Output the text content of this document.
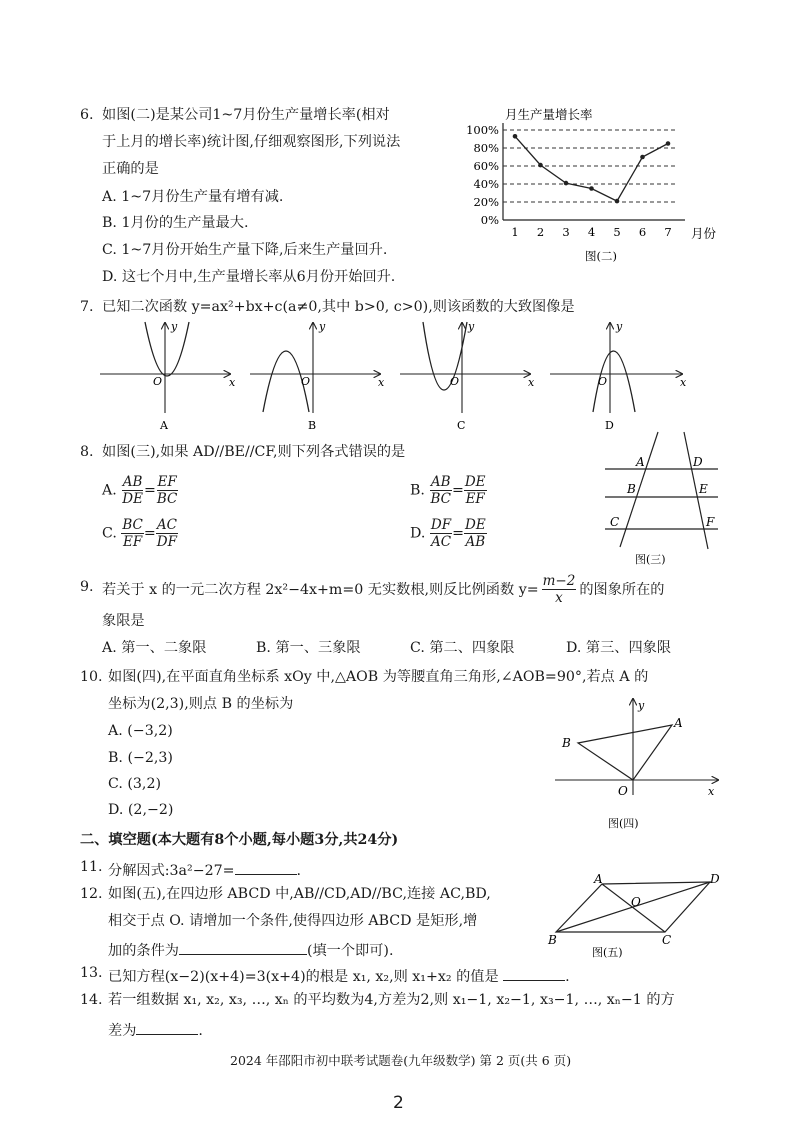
6. 如图(二)是某公司1~7月份生产量增长率(相对
于上月的增长率)统计图,仔细观察图形,下列说法
正确的是
A. 1~7月份生产量有增有减.
B. 1月份的生产量最大.
C. 1~7月份开始生产量下降,后来生产量回升.
D. 这七个月中,生产量增长率从6月份开始回升.
月生产量增长率
0%
20%
40%
60%
80%
100%
1 2 3 4 5 6 7 月份
图(二)
7. 已知二次函数 y=ax²+bx+c(a≠0,其中 b>0, c>0),则该函数的大致图像是
x
y
O
A
x
y
O
B
x
y
O
C
x
y
O
D
8. 如图(三),如果 AD//BE//CF,则下列各式错误的是
A. $\frac{AB}{DE} = \frac{EF}{BC}$	B. $\frac{AB}{BC} = \frac{DE}{EF}$
C. $\frac{BC}{EF} = \frac{AC}{DF}$	D. $\frac{DF}{AC} = \frac{DE}{AB}$
A
B
C
D
E
F
图(三)
9. 若关于 x 的一元二次方程 2x²−4x+m=0 无实数根,则反比例函数 $y= \frac{m-2}{x}$ 的图象所在的
象限是
A. 第一、二象限	B. 第一、三象限	C. 第二、四象限	D. 第三、四象限
10. 如图(四),在平面直角坐标系 xOy 中,△AOB 为等腰直角三角形,∠AOB=90°,若点 A 的
坐标为(2,3),则点 B 的坐标为
A. (−3,2)
B. (−2,3)
C. (3,2)
D. (2,−2)
A
B
O	x
y
图(四)
二、填空题(本大题有8个小题,每小题3分,共24分)
11. 分解因式:3a²−27=	.
12. 如图(五),在四边形 ABCD 中,AB//CD,AD//BC,连接 AC,BD,
相交于点 O. 请增加一个条件,使得四边形 ABCD 是矩形,增
加的条件为	(填一个即可).
A	D
O
B	C
图(五)
13. 已知方程(x−2)(x+4)=3(x+4)的根是 x₁, x₂,则 x₁+x₂ 的值是	.
14. 若一组数据 x₁, x₂, x₃, …, xₙ 的平均数为4,方差为2,则 x₁−1, x₂−1, x₃−1, …, xₙ−1 的方
差为	.
2024 年邵阳市初中联考试题卷(九年级数学) 第 2 页(共 6 页)
2
